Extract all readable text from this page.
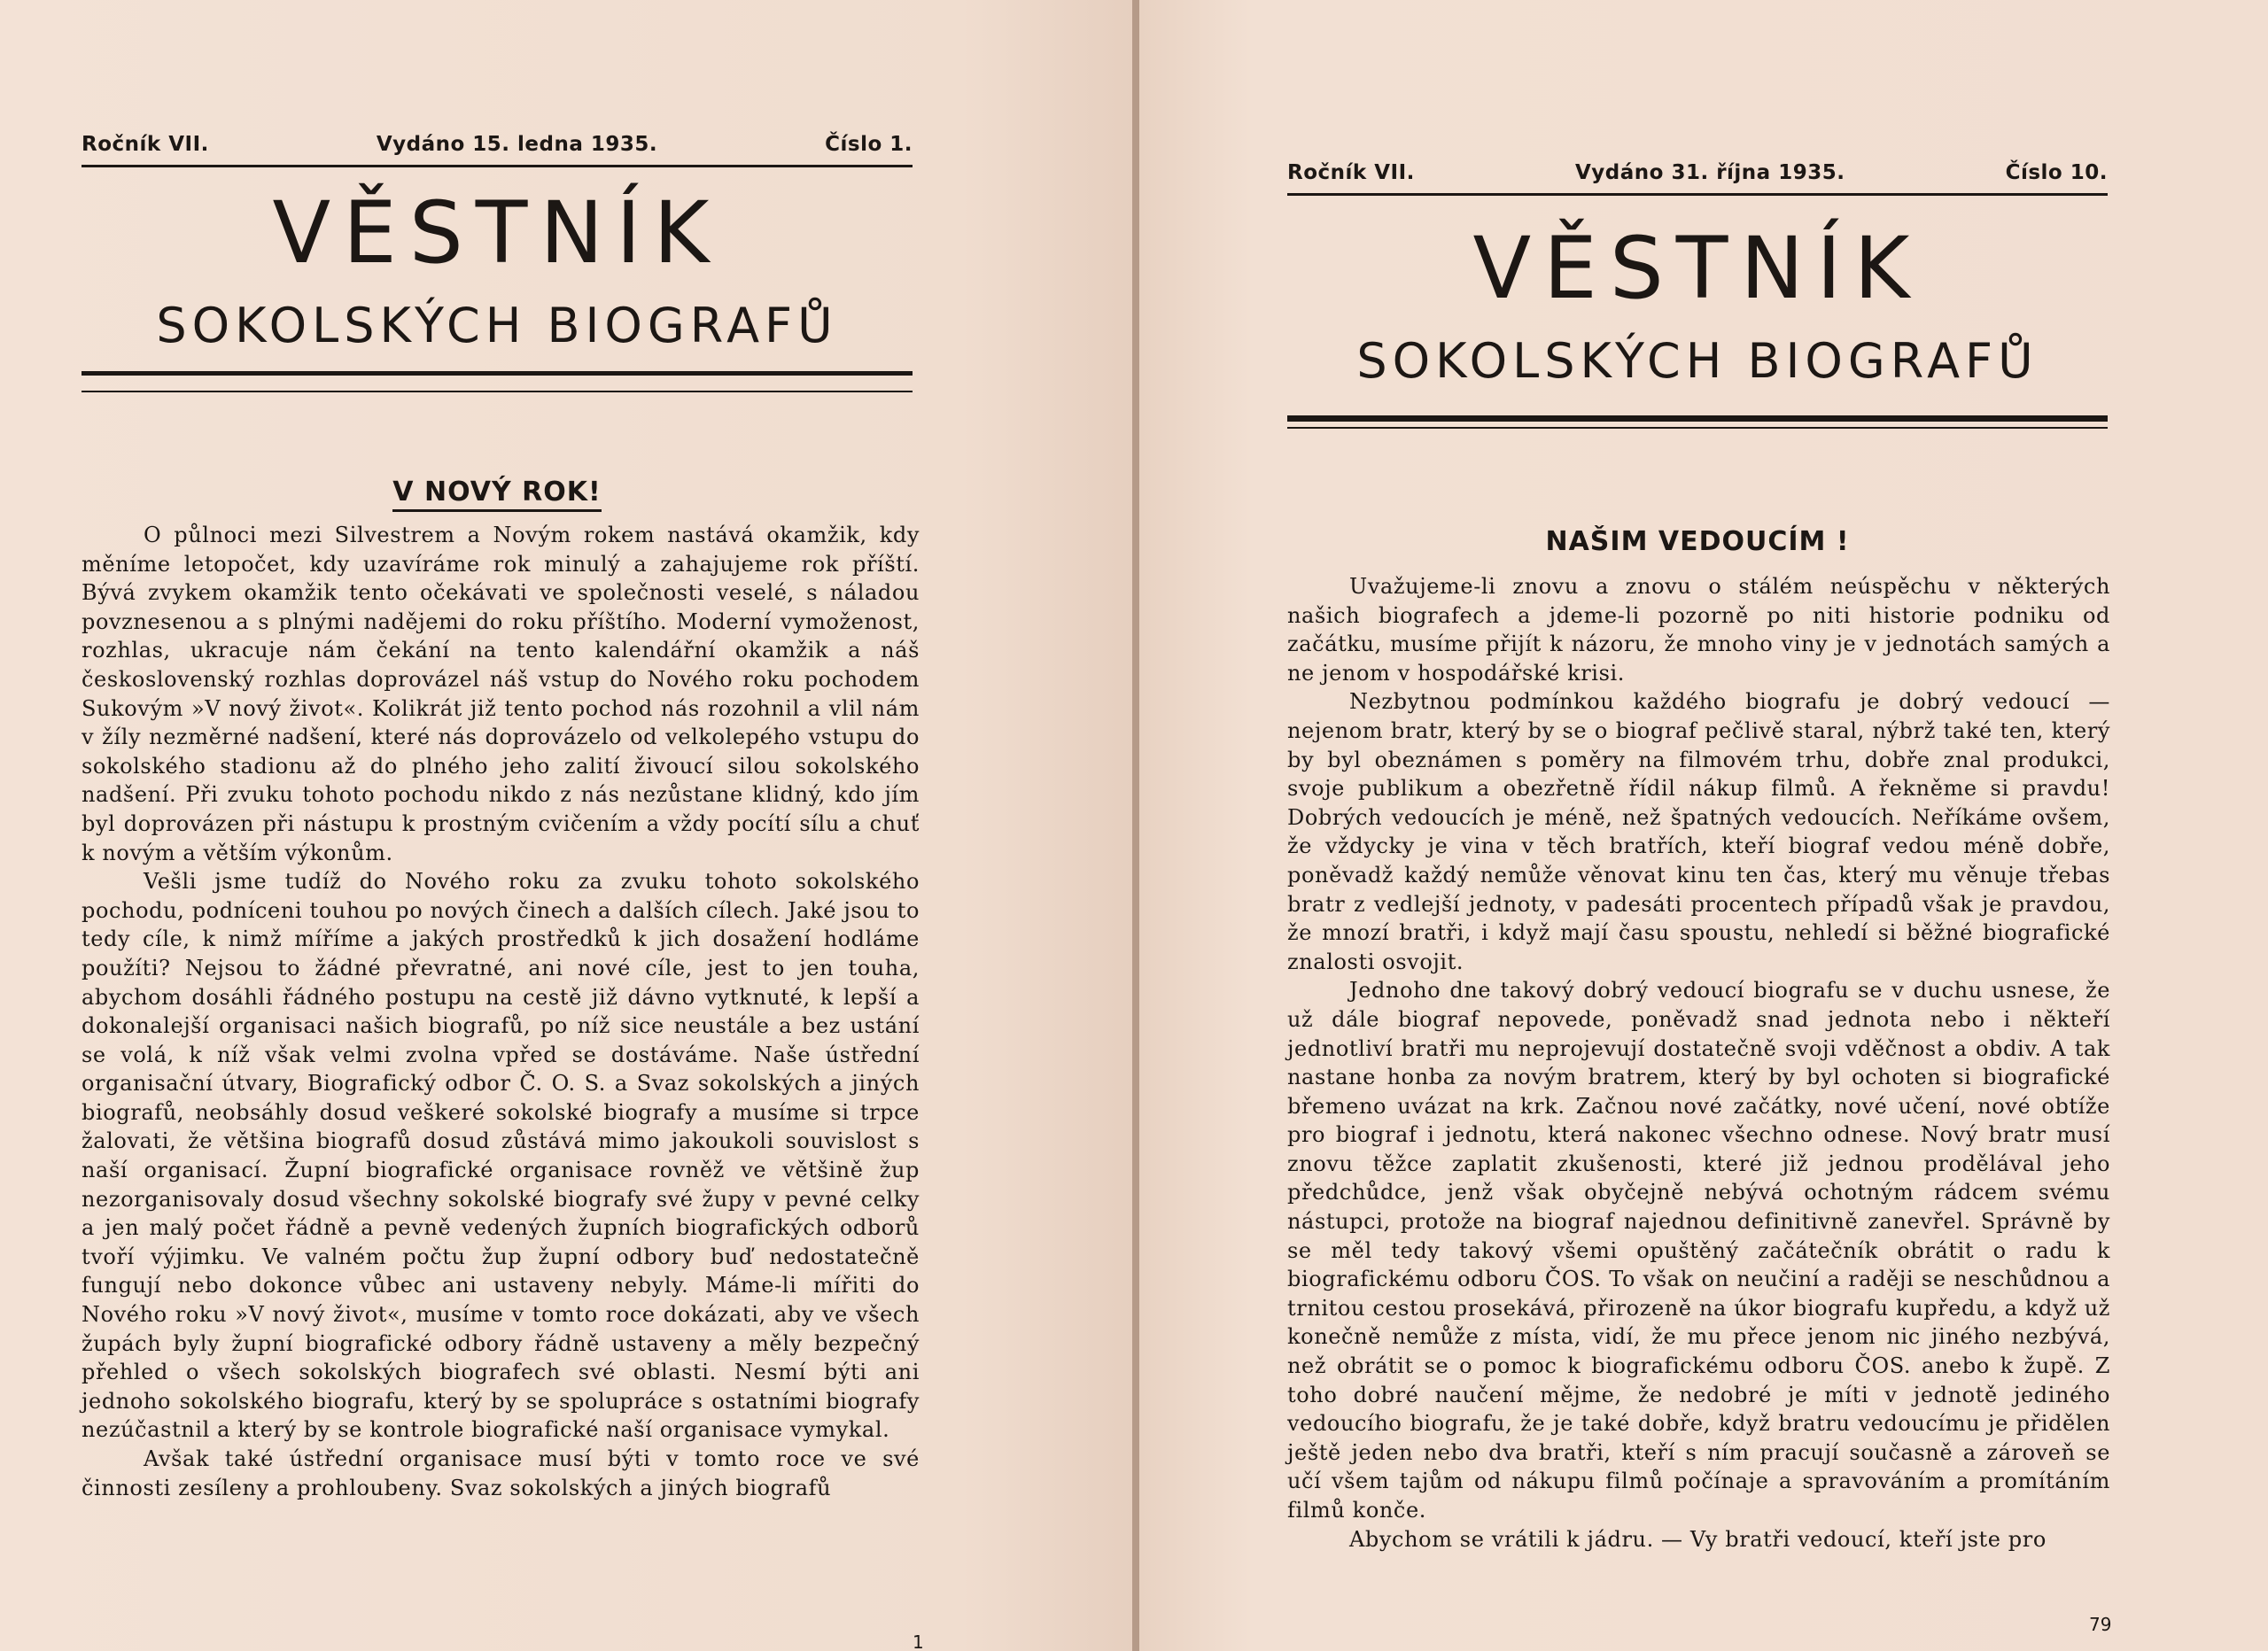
Ročník VII.	Vydáno 15. ledna 1935.	Číslo 1.
VĚSTNÍK
SOKOLSKÝCH BIOGRAFŮ
V NOVÝ ROK!

O půlnoci mezi Silvestrem a Novým rokem nastává okamžik, kdy měníme letopočet, kdy uzavíráme rok minulý a zahajujeme rok příští. Bývá zvykem okamžik tento očekávati ve společnosti veselé, s náladou povznesenou a s plnými nadějemi do roku příštího. Moderní vymoženost, rozhlas, ukracuje nám čekání na tento kalendářní okamžik a náš československý rozhlas doprovázel náš vstup do Nového roku pochodem Sukovým »V nový život«. Kolikrát již tento pochod nás rozohnil a vlil nám v žíly nezměrné nadšení, které nás doprovázelo od velkolepého vstupu do sokolského stadionu až do plného jeho zalití živoucí silou sokolského nadšení. Při zvuku tohoto pochodu nikdo z nás nezůstane klidný, kdo jím byl doprovázen při nástupu k prostným cvičením a vždy pocítí sílu a chuť k novým a větším výkonům.

Vešli jsme tudíž do Nového roku za zvuku tohoto sokolského pochodu, podníceni touhou po nových činech a dalších cílech. Jaké jsou to tedy cíle, k nimž míříme a jakých prostředků k jich dosažení hodláme použíti? Nejsou to žádné převratné, ani nové cíle, jest to jen touha, abychom dosáhli řádného postupu na cestě již dávno vytknuté, k lepší a dokonalejší organisaci našich biografů, po níž sice neustále a bez ustání se volá, k níž však velmi zvolna vpřed se dostáváme. Naše ústřední organisační útvary, Biografický odbor Č. O. S. a Svaz sokolských a jiných biografů, neobsáhly dosud veškeré sokolské biografy a musíme si trpce žalovati, že většina biografů dosud zůstává mimo jakoukoli souvislost s naší organisací. Župní biografické organisace rovněž ve většině žup nezorganisovaly dosud všechny sokolské biografy své župy v pevné celky a jen malý počet řádně a pevně vedených župních biografických odborů tvoří výjimku. Ve valném počtu žup župní odbory buď nedostatečně fungují nebo dokonce vůbec ani ustaveny nebyly. Máme-li mířiti do Nového roku »V nový život«, musíme v tomto roce dokázati, aby ve všech župách byly župní biografické odbory řádně ustaveny a měly bezpečný přehled o všech sokolských biografech své oblasti. Nesmí býti ani jednoho sokolského biografu, který by se spolupráce s ostatními biografy nezúčastnil a který by se kontrole biografické naší organisace vymykal.

Avšak také ústřední organisace musí býti v tomto roce ve své činnosti zesíleny a prohloubeny. Svaz sokolských a jiných biografů

1
Ročník VII.	Vydáno 31. října 1935.	Číslo 10.
VĚSTNÍK
SOKOLSKÝCH BIOGRAFŮ
NAŠIM VEDOUCÍM !

Uvažujeme-li znovu a znovu o stálém neúspěchu v některých našich biografech a jdeme-li pozorně po niti historie podniku od začátku, musíme přijít k názoru, že mnoho viny je v jednotách samých a ne jenom v hospodářské krisi.

Nezbytnou podmínkou každého biografu je dobrý vedoucí — nejenom bratr, který by se o biograf pečlivě staral, nýbrž také ten, který by byl obeznámen s poměry na filmovém trhu, dobře znal produkci, svoje publikum a obezřetně řídil nákup filmů. A řekněme si pravdu! Dobrých vedoucích je méně, než špatných vedoucích. Neříkáme ovšem, že vždycky je vina v těch bratřích, kteří biograf vedou méně dobře, poněvadž každý nemůže věnovat kinu ten čas, který mu věnuje třebas bratr z vedlejší jednoty, v padesáti procentech případů však je pravdou, že mnozí bratři, i když mají času spoustu, nehledí si běžné biografické znalosti osvojit.

Jednoho dne takový dobrý vedoucí biografu se v duchu usnese, že už dále biograf nepovede, poněvadž snad jednota nebo i někteří jednotliví bratři mu neprojevují dostatečně svoji vděčnost a obdiv. A tak nastane honba za novým bratrem, který by byl ochoten si biografické břemeno uvázat na krk. Začnou nové začátky, nové učení, nové obtíže pro biograf i jednotu, která nakonec všechno odnese. Nový bratr musí znovu těžce zaplatit zkušenosti, které již jednou prodělával jeho předchůdce, jenž však obyčejně nebývá ochotným rádcem svému nástupci, protože na biograf najednou definitivně zanevřel. Správně by se měl tedy takový všemi opuštěný začátečník obrátit o radu k biografickému odboru ČOS. To však on neučiní a raději se neschůdnou a trnitou cestou prosekává, přirozeně na úkor biografu kupředu, a když už konečně nemůže z místa, vidí, že mu přece jenom nic jiného nezbývá, než obrátit se o pomoc k biografickému odboru ČOS. anebo k župě. Z toho dobré naučení mějme, že nedobré je míti v jednotě jediného vedoucího biografu, že je také dobře, když bratru vedoucímu je přidělen ještě jeden nebo dva bratři, kteří s ním pracují současně a zároveň se učí všem tajům od nákupu filmů počínaje a spravováním a promítáním filmů konče.

Abychom se vrátili k jádru. — Vy bratři vedoucí, kteří jste pro

79
